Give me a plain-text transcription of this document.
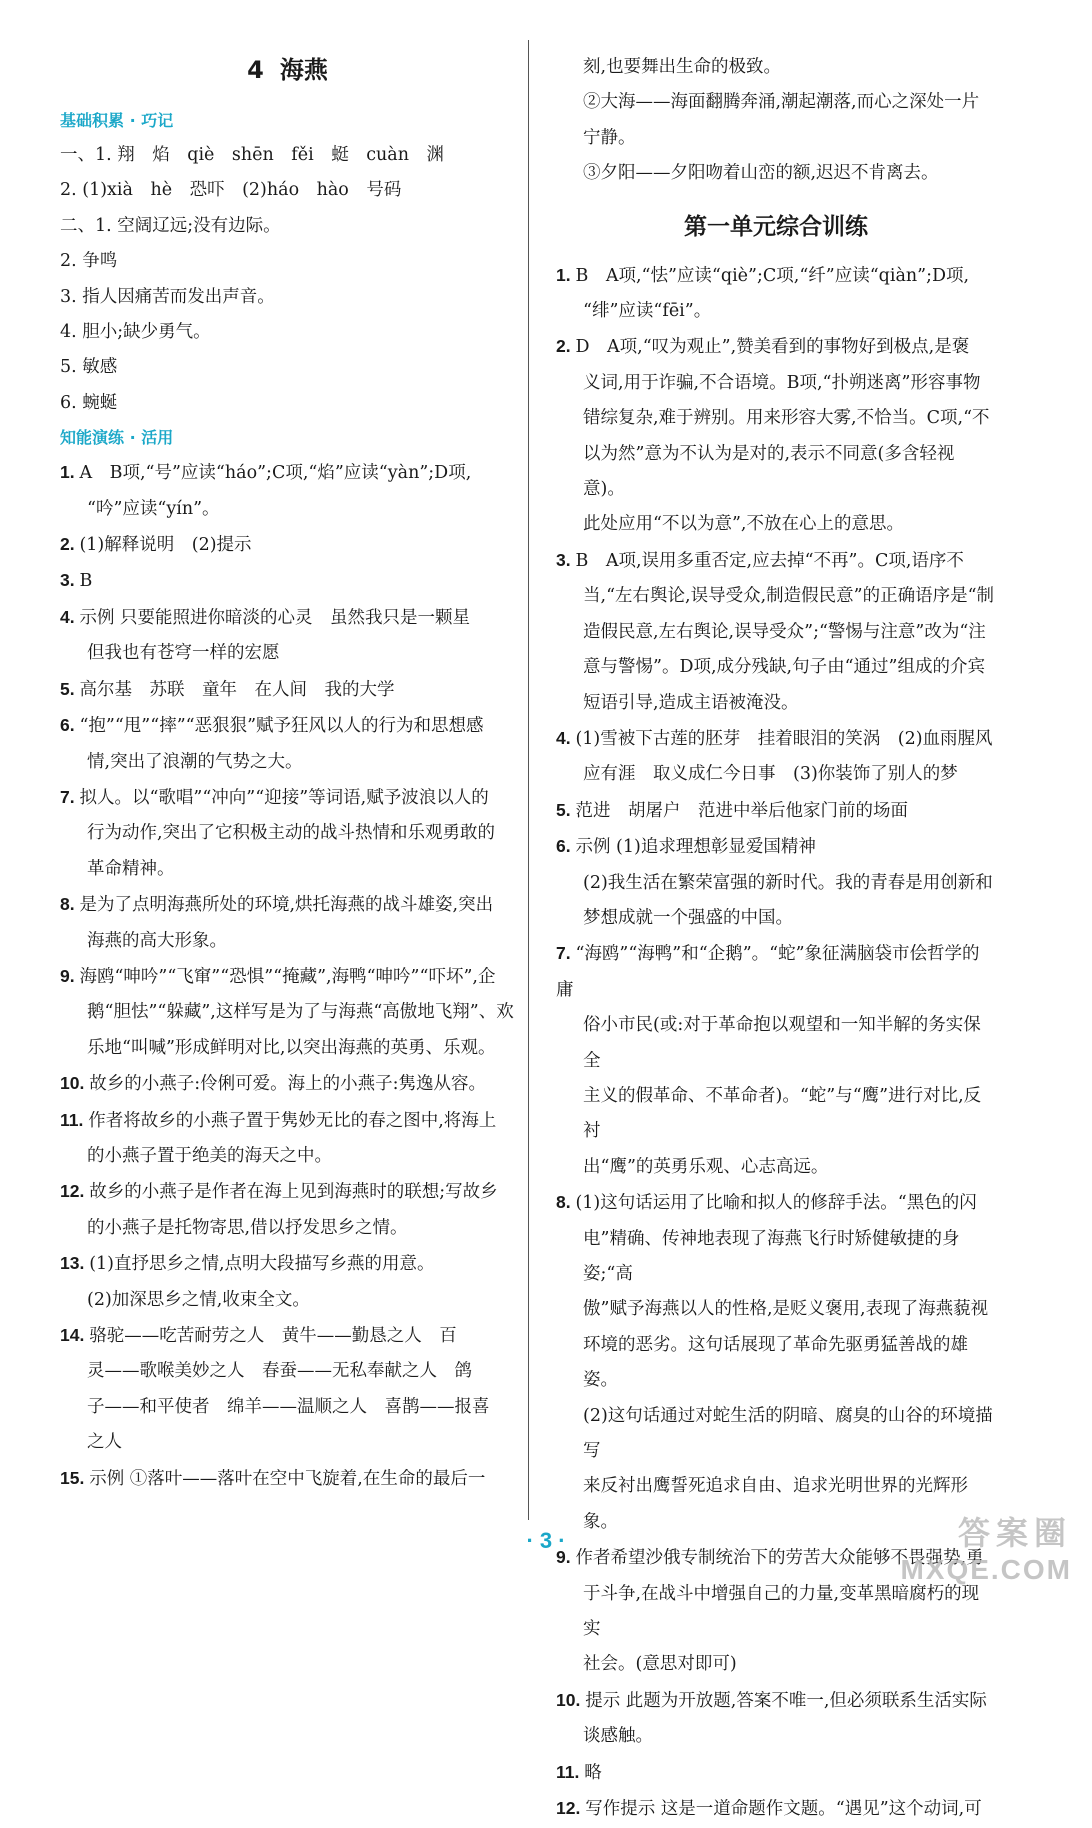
4 海燕
基础积累 · 巧记
一、1. 翔　焰　qiè　shēn　fěi　蜓　cuàn　渊
2. (1)xià　hè　恐吓　(2)háo　hào　号码
二、1. 空阔辽远;没有边际。
2. 争鸣
3. 指人因痛苦而发出声音。
4. 胆小;缺少勇气。
5. 敏感
6. 蜿蜒
知能演练 · 活用
1. A　B项,“号”应读“háo”;C项,“焰”应读“yàn”;D项,
“吟”应读“yín”。
2. (1)解释说明　(2)提示
3. B
4. 示例 只要能照进你暗淡的心灵　虽然我只是一颗星
但我也有苍穹一样的宏愿
5. 高尔基　苏联　童年　在人间　我的大学
6. “抱”“甩”“摔”“恶狠狠”赋予狂风以人的行为和思想感
情,突出了浪潮的气势之大。
7. 拟人。以“歌唱”“冲向”“迎接”等词语,赋予波浪以人的
行为动作,突出了它积极主动的战斗热情和乐观勇敢的
革命精神。
8. 是为了点明海燕所处的环境,烘托海燕的战斗雄姿,突出
海燕的高大形象。
9. 海鸥“呻吟”“飞窜”“恐惧”“掩藏”,海鸭“呻吟”“吓坏”,企
鹅“胆怯”“躲藏”,这样写是为了与海燕“高傲地飞翔”、欢
乐地“叫喊”形成鲜明对比,以突出海燕的英勇、乐观。
10. 故乡的小燕子:伶俐可爱。海上的小燕子:隽逸从容。
11. 作者将故乡的小燕子置于隽妙无比的春之图中,将海上
的小燕子置于绝美的海天之中。
12. 故乡的小燕子是作者在海上见到海燕时的联想;写故乡
的小燕子是托物寄思,借以抒发思乡之情。
13. (1)直抒思乡之情,点明大段描写乡燕的用意。
(2)加深思乡之情,收束全文。
14. 骆驼——吃苦耐劳之人　黄牛——勤恳之人　百
灵——歌喉美妙之人　春蚕——无私奉献之人　鸽
子——和平使者　绵羊——温顺之人　喜鹊——报喜
之人
15. 示例 ①落叶——落叶在空中飞旋着,在生命的最后一
刻,也要舞出生命的极致。
②大海——海面翻腾奔涌,潮起潮落,而心之深处一片
宁静。
③夕阳——夕阳吻着山峦的额,迟迟不肯离去。
第一单元综合训练
1. B　A项,“怯”应读“qiè”;C项,“纤”应读“qiàn”;D项,
“绯”应读“fēi”。
2. D　A项,“叹为观止”,赞美看到的事物好到极点,是褒
义词,用于诈骗,不合语境。B项,“扑朔迷离”形容事物
错综复杂,难于辨别。用来形容大雾,不恰当。C项,“不
以为然”意为不认为是对的,表示不同意(多含轻视意)。
此处应用“不以为意”,不放在心上的意思。
3. B　A项,误用多重否定,应去掉“不再”。C项,语序不
当,“左右舆论,误导受众,制造假民意”的正确语序是“制
造假民意,左右舆论,误导受众”;“警惕与注意”改为“注
意与警惕”。D项,成分残缺,句子由“通过”组成的介宾
短语引导,造成主语被淹没。
4. (1)雪被下古莲的胚芽　挂着眼泪的笑涡　(2)血雨腥风
应有涯　取义成仁今日事　(3)你装饰了别人的梦
5. 范进　胡屠户　范进中举后他家门前的场面
6. 示例 (1)追求理想彰显爱国精神
(2)我生活在繁荣富强的新时代。我的青春是用创新和
梦想成就一个强盛的中国。
7. “海鸥”“海鸭”和“企鹅”。“蛇”象征满脑袋市侩哲学的庸
俗小市民(或:对于革命抱以观望和一知半解的务实保全
主义的假革命、不革命者)。“蛇”与“鹰”进行对比,反衬
出“鹰”的英勇乐观、心志高远。
8. (1)这句话运用了比喻和拟人的修辞手法。“黑色的闪
电”精确、传神地表现了海燕飞行时矫健敏捷的身姿;“高
傲”赋予海燕以人的性格,是贬义褒用,表现了海燕藐视
环境的恶劣。这句话展现了革命先驱勇猛善战的雄姿。
(2)这句话通过对蛇生活的阴暗、腐臭的山谷的环境描写
来反衬出鹰誓死追求自由、追求光明世界的光辉形象。
9. 作者希望沙俄专制统治下的劳苦大众能够不畏强势,勇
于斗争,在战斗中增强自己的力量,变革黑暗腐朽的现实
社会。(意思对即可)
10. 提示 此题为开放题,答案不唯一,但必须联系生活实际
谈感触。
11. 略
12. 写作提示 这是一道命题作文题。“遇见”这个动词,可
· 3 ·	答案圈
MXQE.COM
